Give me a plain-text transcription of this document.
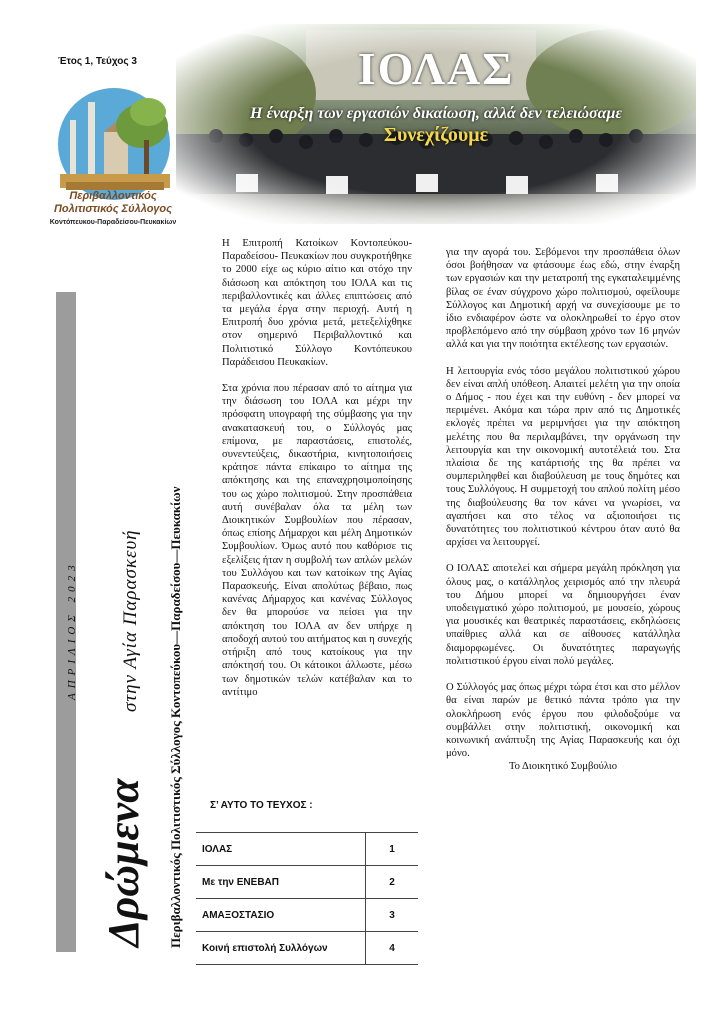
Έτος 1, Τεύχος 3
Περιβαλλοντικός
Πολιτιστικός Σύλλογος
Κοντόπευκου-Παραδείσου-Πευκακίων
ΙΟΛΑΣ
Η έναρξη των εργασιών δικαίωση, αλλά δεν τελειώσαμε
Συνεχίζουμε
ΑΠΡΙΛΙΟΣ 2023
Δρώμενα
στην Αγία Παρασκευή Περιβαλλοντικός Πολιτιστικός Σύλλογος Κοντοπεύκου—Παραδείσου—Πευκακίων

Η Επιτροπή Κατοίκων Κοντοπεύκου-Παραδείσου- Πευκακίων που συγκροτήθηκε το 2000 είχε ως κύριο αίτιο και στόχο την διάσωση και απόκτηση του ΙΟΛΑ και τις περιβαλλοντικές και άλλες επιπτώσεις από τα μεγάλα έργα στην περιοχή. Αυτή η Επιτροπή δυο χρόνια μετά, μετεξελίχθηκε στον σημερινό Περιβαλλοντικό και Πολιτιστικό Σύλλογο Κοντόπευκου Παράδεισου Πευκακίων.

Στα χρόνια που πέρασαν από το αίτημα για την διάσωση του ΙΟΛΑ και μέχρι την πρόσφατη υπογραφή της σύμβασης για την ανακατασκευή του, ο Σύλλογός μας επίμονα, με παραστάσεις, επιστολές, συνεντεύξεις, δικαστήρια, κινητοποιήσεις κράτησε πάντα επίκαιρο το αίτημα της απόκτησης και της επαναχρησιμοποίησης του ως χώρο πολιτισμού. Στην προσπάθεια αυτή συνέβαλαν όλα τα μέλη των Διοικητικών Συμβουλίων που πέρασαν, όπως επίσης Δήμαρχοι και μέλη Δημοτικών Συμβουλίων. Όμως αυτό που καθόρισε τις εξελίξεις ήταν η συμβολή των απλών μελών του Συλλόγου και των κατοίκων της Αγίας Παρασκευής. Είναι απολύτως βέβαιο, πως κανένας Δήμαρχος και κανένας Σύλλογος δεν θα μπορούσε να πείσει για την απόκτηση του ΙΟΛΑ αν δεν υπήρχε η αποδοχή αυτού του αιτήματος και η συνεχής στήριξη από τους κατοίκους για την απόκτησή του. Οι κάτοικοι άλλωστε, μέσω των δημοτικών τελών κατέβαλαν και το αντίτιμο

για την αγορά του. Σεβόμενοι την προσπάθεια όλων όσοι βοήθησαν να φτάσουμε έως εδώ, στην έναρξη των εργασιών και την μετατροπή της εγκαταλειμμένης βίλας σε έναν σύγχρονο χώρο πολιτισμού, οφείλουμε Σύλλογος και Δημοτική αρχή να συνεχίσουμε με το ίδιο ενδιαφέρον ώστε να ολοκληρωθεί το έργο στον προβλεπόμενο από την σύμβαση χρόνο των 16 μηνών αλλά και για την ποιότητα εκτέλεσης των εργασιών.

Η λειτουργία ενός τόσο μεγάλου πολιτιστικού χώρου δεν είναι απλή υπόθεση. Απαιτεί μελέτη για την οποία ο Δήμος - που έχει και την ευθύνη - δεν μπορεί να περιμένει. Ακόμα και τώρα πριν από τις Δημοτικές εκλογές πρέπει να μεριμνήσει για την απόκτηση μελέτης που θα περιλαμβάνει, την οργάνωση την λειτουργία και την οικονομική αυτοτέλειά του. Στα πλαίσια δε της κατάρτισής της θα πρέπει να συμπεριληφθεί και διαβούλευση με τους δημότες και τους Συλλόγους. Η συμμετοχή του απλού πολίτη μέσο της διαβούλευσης θα τον κάνει να γνωρίσει, να αγαπήσει και στο τέλος να αξιοποιήσει τις δυνατότητες του πολιτιστικού κέντρου όταν αυτό θα αρχίσει να λειτουργεί.

Ο ΙΟΛΑΣ αποτελεί και σήμερα μεγάλη πρόκληση για όλους μας, ο κατάλληλος χειρισμός από την πλευρά του Δήμου μπορεί να δημιουργήσει έναν υποδειγματικό χώρο πολιτισμού, με μουσείο, χώρους για μουσικές και θεατρικές παραστάσεις, εκδηλώσεις υπαίθριες αλλά και σε αίθουσες κατάλληλα διαμορφωμένες. Οι δυνατότητες παραγωγής πολιτιστικού έργου είναι πολύ μεγάλες.

Ο Σύλλογός μας όπως μέχρι τώρα έτσι και στο μέλλον θα είναι παρών με θετικό πάντα τρόπο για την ολοκλήρωση ενός έργου που φιλοδοξούμε να συμβάλλει στην πολιτιστική, οικονομική και κοινωνική ανάπτυξη της Αγίας Παρασκευής και όχι μόνο.

Το Διοικητικό Συμβούλιο
Σ’ ΑΥΤΟ ΤΟ ΤΕΥΧΟΣ :
ΙΟΛΑΣ	1
Με την ΕΝΕΒΑΠ	2
ΑΜΑΞΟΣΤΑΣΙΟ	3
Κοινή επιστολή Συλλόγων	4
